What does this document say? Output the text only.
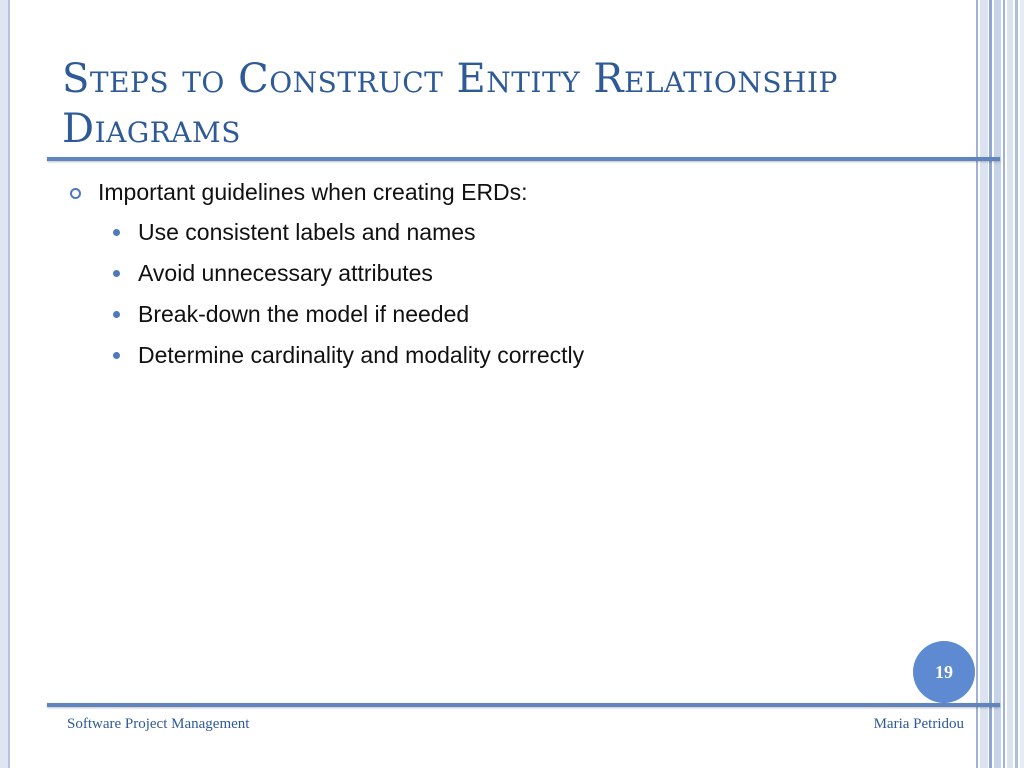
Steps to Construct Entity Relationship Diagrams
Important guidelines when creating ERDs:
Use consistent labels and names
Avoid unnecessary attributes
Break-down the model if needed
Determine cardinality and modality correctly
19
Software Project Management	Maria Petridou
